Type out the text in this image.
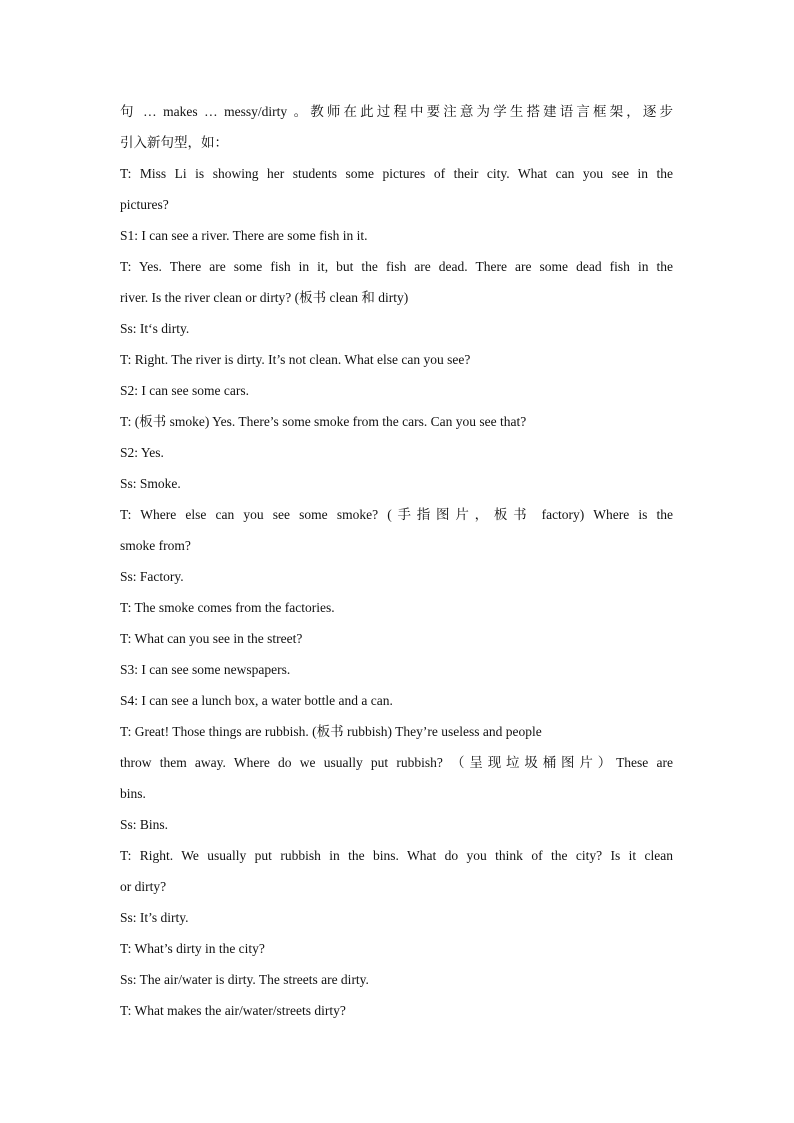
句 … makes … messy/dirty 。教师在此过程中要注意为学生搭建语言框架，逐步
引入新句型，如：
T: Miss Li is showing her students some pictures of their city. What can you see in the
pictures?
S1: I can see a river. There are some fish in it.
T: Yes. There are some fish in it, but the fish are dead. There are some dead fish in the
river. Is the river clean or dirty? (板书 clean 和 dirty)
Ss: It‘s dirty.
T: Right. The river is dirty. It’s not clean. What else can you see?
S2: I can see some cars.
T: (板书 smoke) Yes. There’s some smoke from the cars. Can you see that?
S2: Yes.
Ss: Smoke.
T: Where else can you see some smoke? (手指图片，板书 factory) Where is the
smoke from?
Ss: Factory.
T: The smoke comes from the factories.
T: What can you see in the street?
S3: I can see some newspapers.
S4: I can see a lunch box, a water bottle and a can.
T: Great! Those things are rubbish. (板书 rubbish) They’re useless and people
throw them away. Where do we usually put rubbish? （呈现垃圾桶图片）These are
bins.
Ss: Bins.
T: Right. We usually put rubbish in the bins. What do you think of the city? Is it clean
or dirty?
Ss: It’s dirty.
T: What’s dirty in the city?
Ss: The air/water is dirty. The streets are dirty.
T: What makes the air/water/streets dirty?
